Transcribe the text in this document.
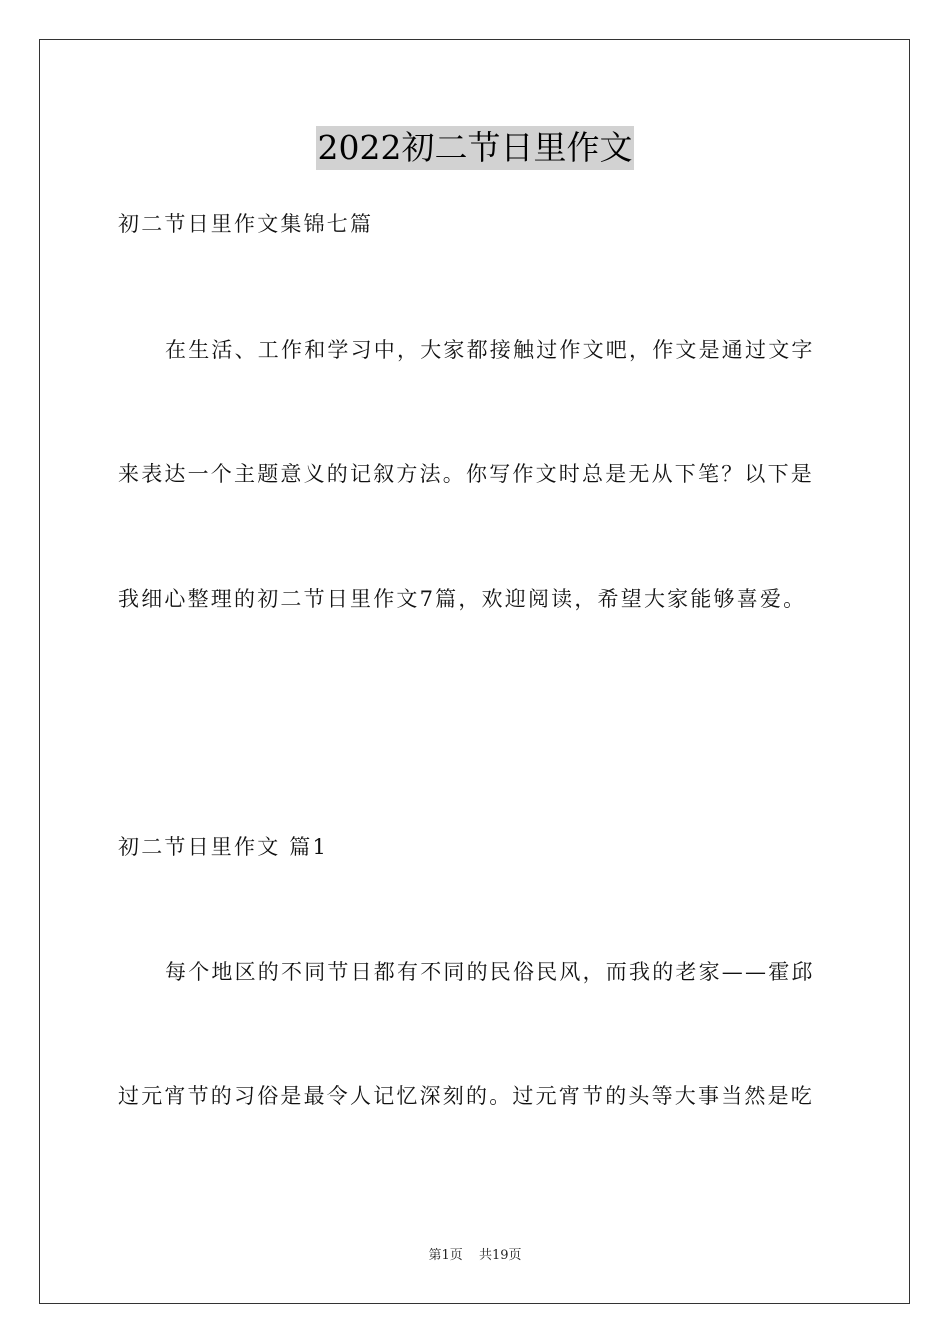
2022初二节日里作文
初二节日里作文集锦七篇
在生活、工作和学习中，大家都接触过作文吧，作文是通过文字
来表达一个主题意义的记叙方法。你写作文时总是无从下笔？以下是
我细心整理的初二节日里作文7篇，欢迎阅读，希望大家能够喜爱。
初二节日里作文 篇1
每个地区的不同节日都有不同的民俗民风，而我的老家——霍邱
过元宵节的习俗是最令人记忆深刻的。过元宵节的头等大事当然是吃
第1页 共19页
